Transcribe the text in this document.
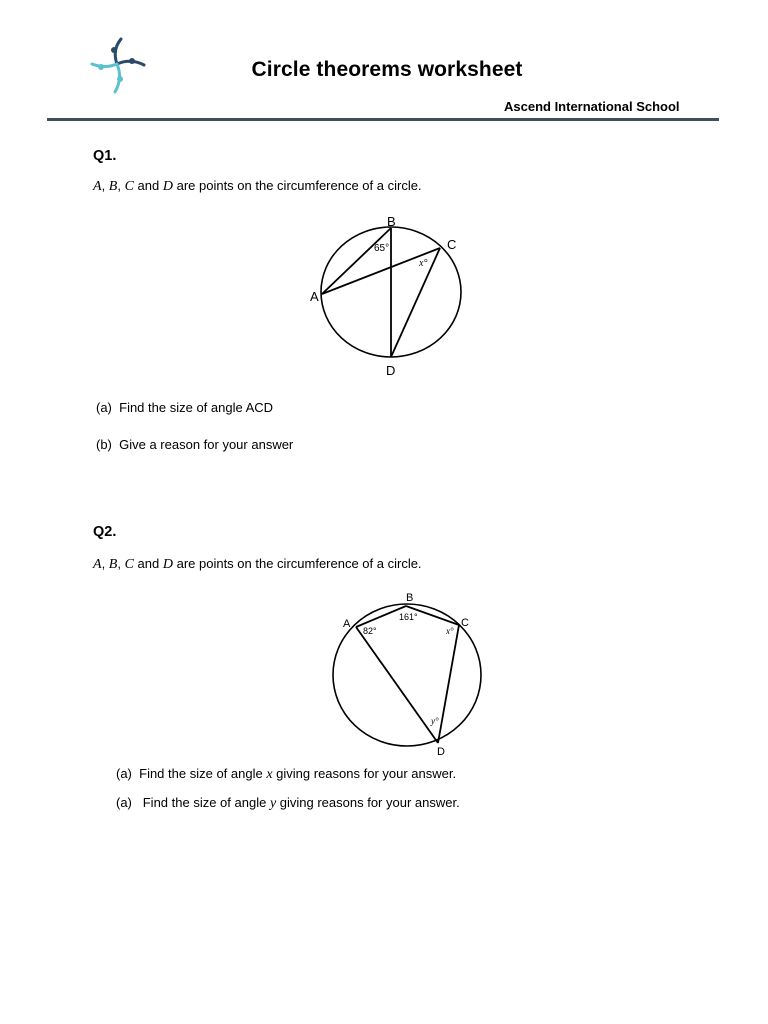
Circle theorems worksheet
Ascend International School
Q1.
A, B, C and D are points on the circumference of a circle.
B
C
A
D
65°
x°
(a) Find the size of angle ACD
(b) Give a reason for your answer
Q2.
A, B, C and D are points on the circumference of a circle.
B
A	C
D
82°
161°
x°
y°
(a) Find the size of angle x giving reasons for your answer.
(a) Find the size of angle y giving reasons for your answer.
